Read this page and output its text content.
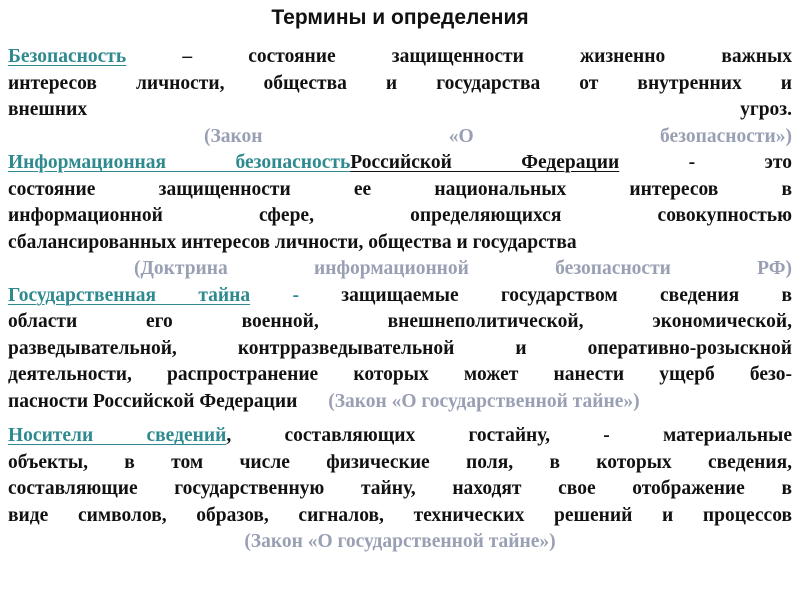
Термины и определения
Безопасность	–	состояние защищенности жизненно важных
интересов личности, общества и государства от внутренних и
внешних угроз.
(Закон «О безопасности»)
Информационная безопасностьРоссийской Федерации	-	это
состояние защищенности ее национальных интересов в
информационной сфере, определяющихся совокупностью
сбалансированных интересов личности, общества и государства
(Доктрина информационной безопасности РФ)
Государственная тайна - защищаемые государством сведения в
области его военной, внешнеполитической, экономической,
разведывательной, контрразведывательной и оперативно-розыскной
деятельности, распространение которых может нанести ущерб безо-
пасности Российской Федерации (Закон «О государственной тайне»)
Носители сведений, составляющих гостайну, - материальные
объекты, в том числе физические поля, в которых сведения,
составляющие государственную тайну, находят свое отображение в
виде символов, образов, сигналов, технических решений и процессов
(Закон «О государственной тайне»)
